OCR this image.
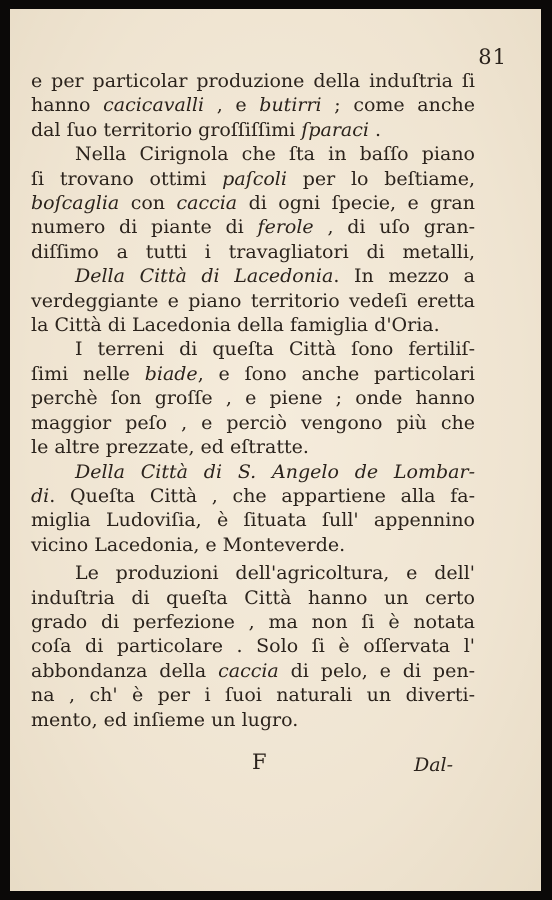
81
e per particolar produzione della induſtria ſi
hanno cacicavalli , e butirri ; come anche
dal ſuo territorio groſſiſſimi ſparaci .
Nella Cirignola che ſta in baſſo piano
ſi trovano ottimi paſcoli per lo beſtiame,
boſcaglia con caccia di ogni ſpecie, e gran
numero di piante di ferole , di uſo gran-
diſſimo a tutti i travagliatori di metalli,
Della Città di Lacedonia. In mezzo a
verdeggiante e piano territorio vedeſi eretta
la Città di Lacedonia della famiglia d'Oria.
I terreni di queſta Città ſono fertiliſ-
ſimi nelle biade, e ſono anche particolari
perchè ſon groſſe , e piene ; onde hanno
maggior peſo , e perciò vengono più che
le altre prezzate, ed eſtratte.
Della Città di S. Angelo de Lombar-
di. Queſta Città , che appartiene alla fa-
miglia Ludoviſia, è ſituata ſull' appennino
vicino Lacedonia, e Monteverde.
Le produzioni dell'agricoltura, e dell'
induſtria di queſta Città hanno un certo
grado di perfezione , ma non ſi è notata
coſa di particolare . Solo ſi è oſſervata l'
abbondanza della caccia di pelo, e di pen-
na , ch' è per i ſuoi naturali un diverti-
mento, ed inſieme un lugro.
F	Dal-
